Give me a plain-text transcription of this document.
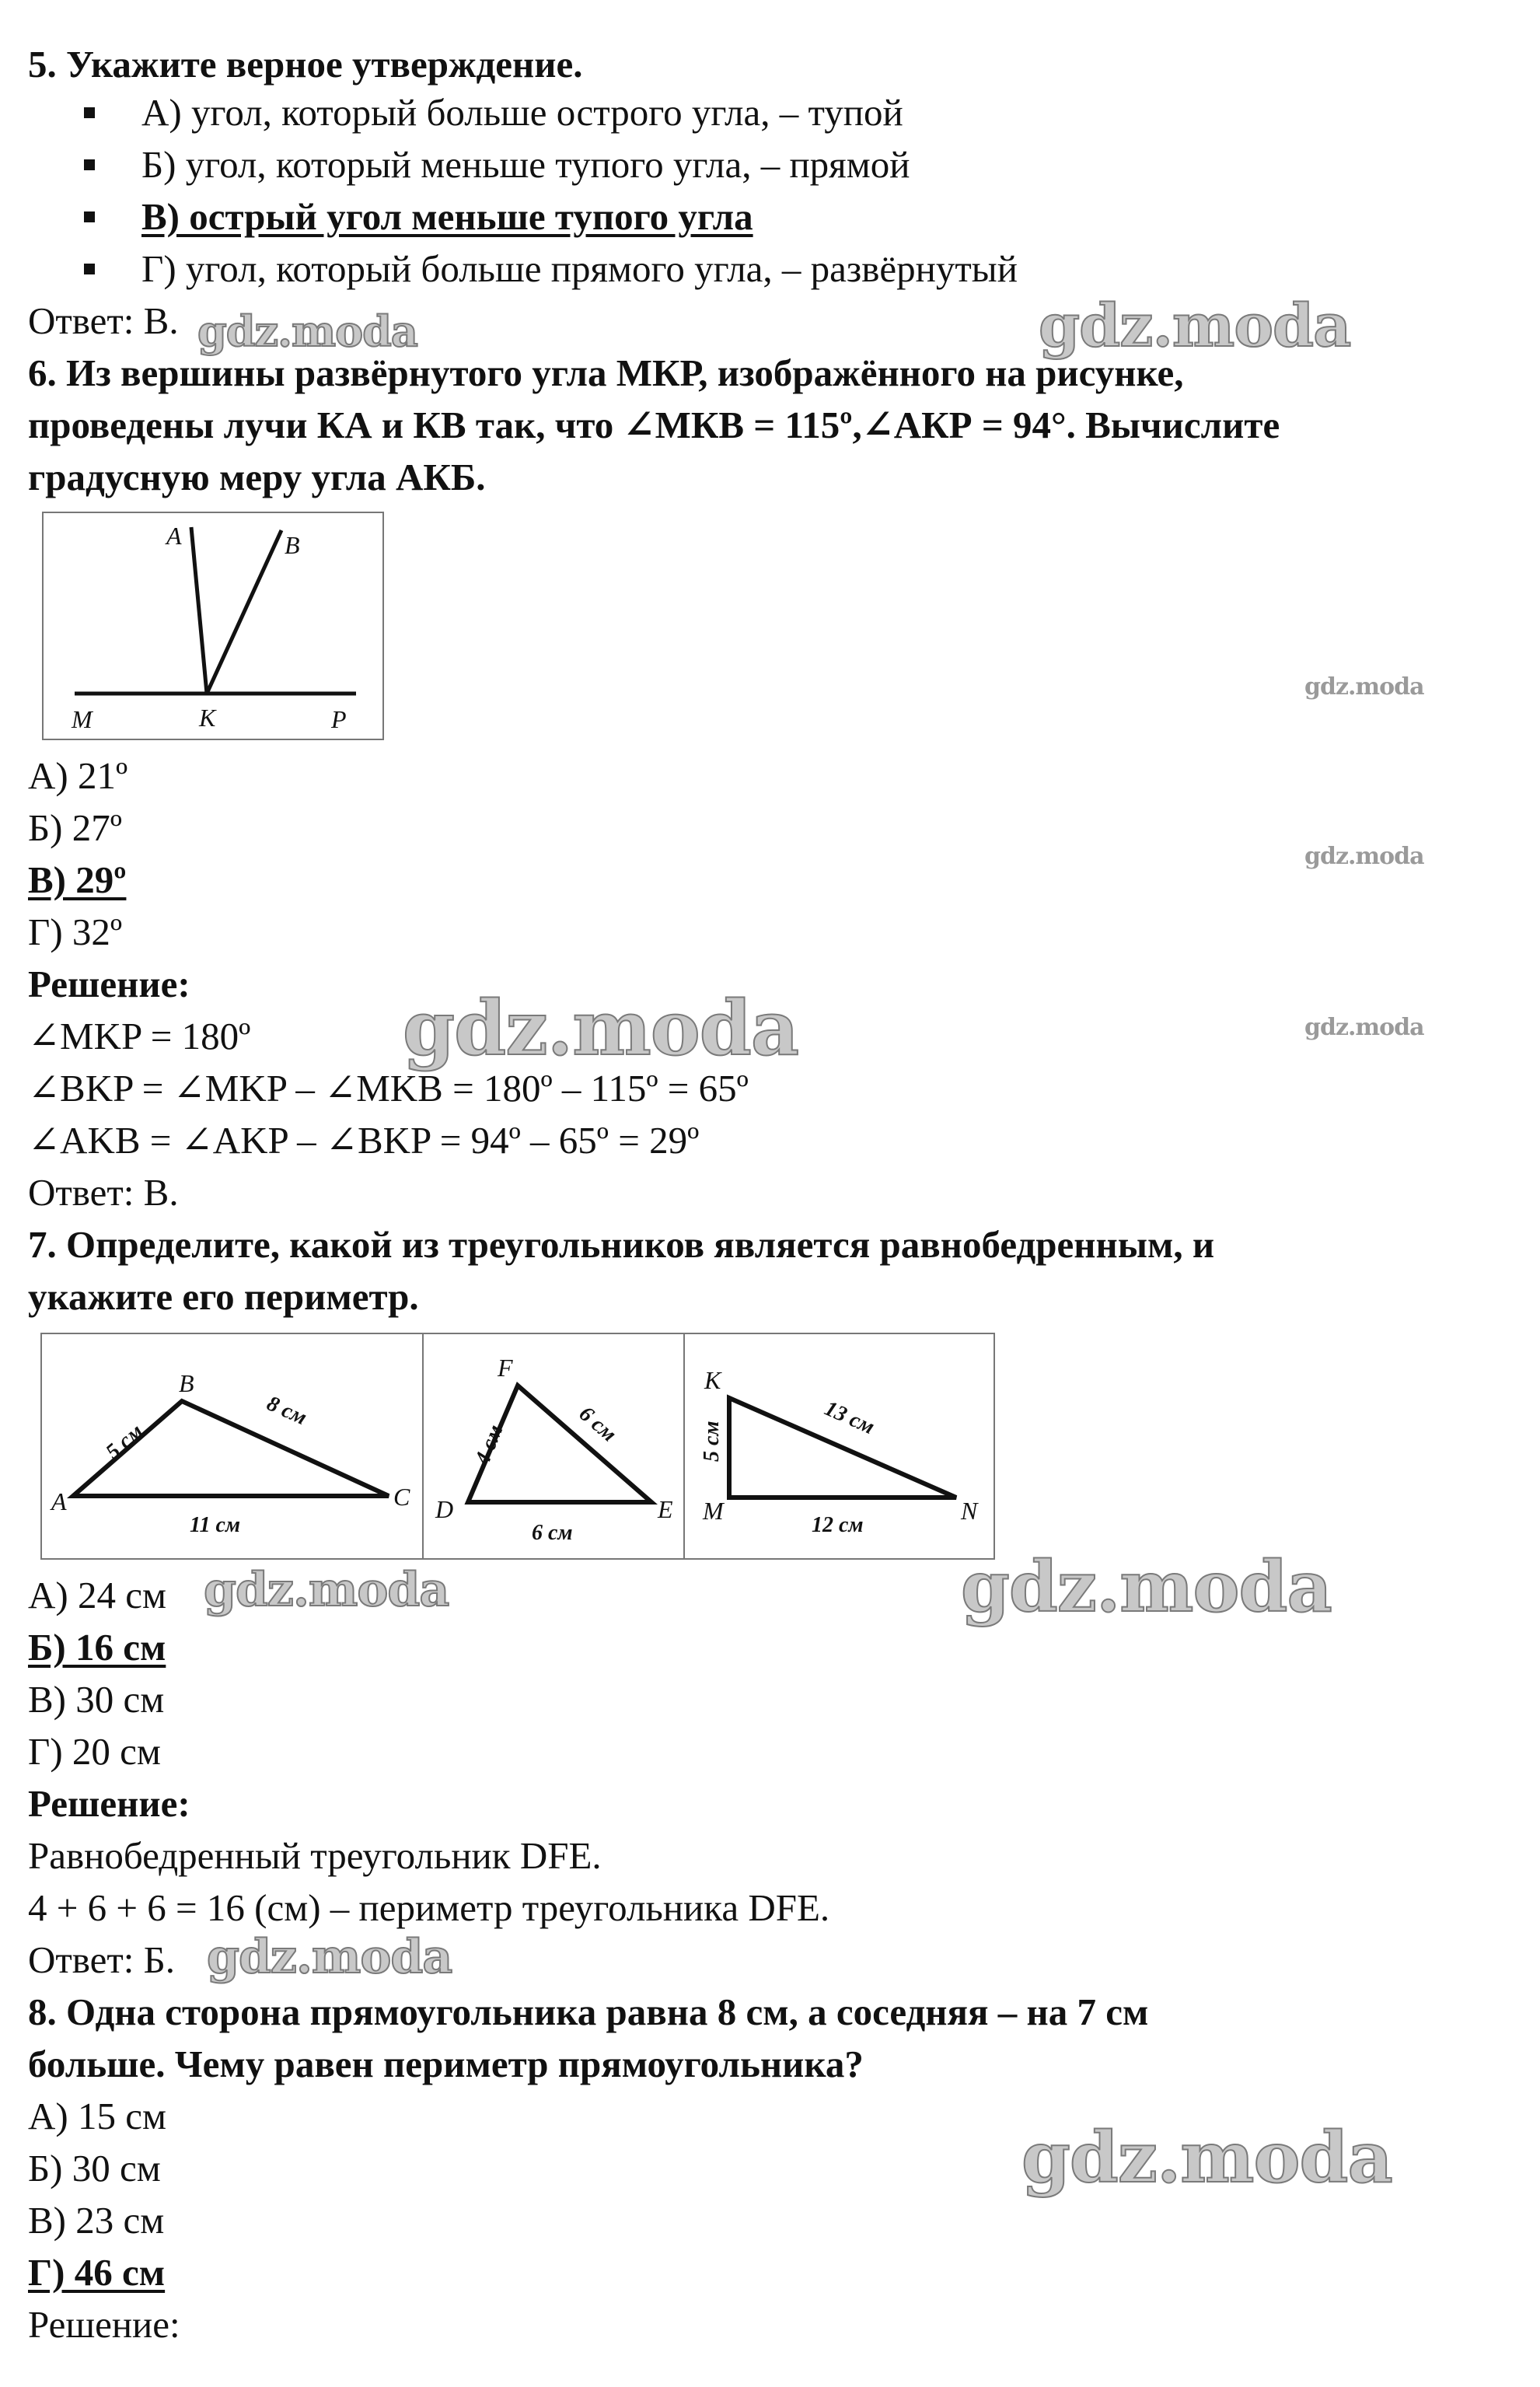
5. Укажите верное утверждение.
А) угол, который больше острого угла, – тупой
Б) угол, который меньше тупого угла, – прямой
В) острый угол меньше тупого угла
Г) угол, который больше прямого угла, – развёрнутый
Ответ: В.
6. Из вершины развёрнутого угла МКР, изображённого на рисунке,
проведены лучи КА и КВ так, что ∠МКВ = 115º,∠АКР = 94°. Вычислите
градусную меру угла АКБ.
A	B
M	K	P
А) 21º
Б) 27º
В) 29º
Г) 32º
Решение:
∠MKP = 180º
∠BKP = ∠MKP – ∠MKB = 180º – 115º = 65º
∠AKB = ∠AKP – ∠BKP = 94º – 65º = 29º
Ответ: В.
7. Определите, какой из треугольников является равнобедренным, и
укажите его периметр.
A
B
C
5 см
8 см
11 см
D
F
E
4 см	6 см
6 см
K
M	N
5 см
13 см
12 см
А) 24 см
Б) 16 см
В) 30 см
Г) 20 см
Решение:
Равнобедренный треугольник DFE.
4 + 6 + 6 = 16 (см) – периметр треугольника DFE.
Ответ: Б.
8. Одна сторона прямоугольника равна 8 см, а соседняя – на 7 см
больше. Чему равен периметр прямоугольника?
А) 15 см
Б) 30 см
В) 23 см
Г) 46 см
Решение:
gdz.moda	gdz.moda
gdz.moda
gdz.moda
gdz.moda
gdz.moda
gdz.moda	gdz.moda
gdz.moda
gdz.moda
